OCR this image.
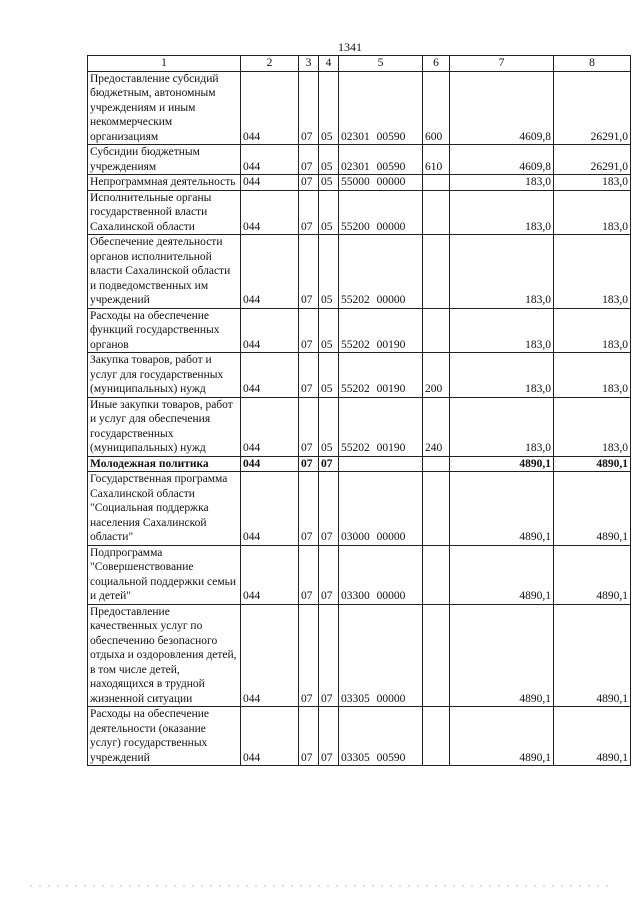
1341
1	2	3	4	5	6	7	8
Предоставление субсидий бюджетным, автономным учреждениям и иным некоммерческим организациям	044	07	05	02301 00590	600	4609,8	26291,0
Субсидии бюджетным учреждениям	044	07	05	02301 00590	610	4609,8	26291,0
Непрограммная деятельность	044	07	05	55000 00000		183,0	183,0
Исполнительные органы государственной власти Сахалинской области	044	07	05	55200 00000		183,0	183,0
Обеспечение деятельности органов исполнительной власти Сахалинской области и подведомственных им учреждений	044	07	05	55202 00000		183,0	183,0
Расходы на обеспечение функций государственных органов	044	07	05	55202 00190		183,0	183,0
Закупка товаров, работ и услуг для государственных (муниципальных) нужд	044	07	05	55202 00190	200	183,0	183,0
Иные закупки товаров, работ и услуг для обеспечения государственных (муниципальных) нужд	044	07	05	55202 00190	240	183,0	183,0
Молодежная политика	044	07	07			4890,1	4890,1
Государственная программа Сахалинской области "Социальная поддержка населения Сахалинской области"	044	07	07	03000 00000		4890,1	4890,1
Подпрограмма "Совершенствование социальной поддержки семьи и детей"	044	07	07	03300 00000		4890,1	4890,1
Предоставление качественных услуг по обеспечению безопасного отдыха и оздоровления детей, в том числе детей, находящихся в трудной жизненной ситуации	044	07	07	03305 00000		4890,1	4890,1
Расходы на обеспечение деятельности (оказание услуг) государственных учреждений	044	07	07	03305 00590		4890,1	4890,1
